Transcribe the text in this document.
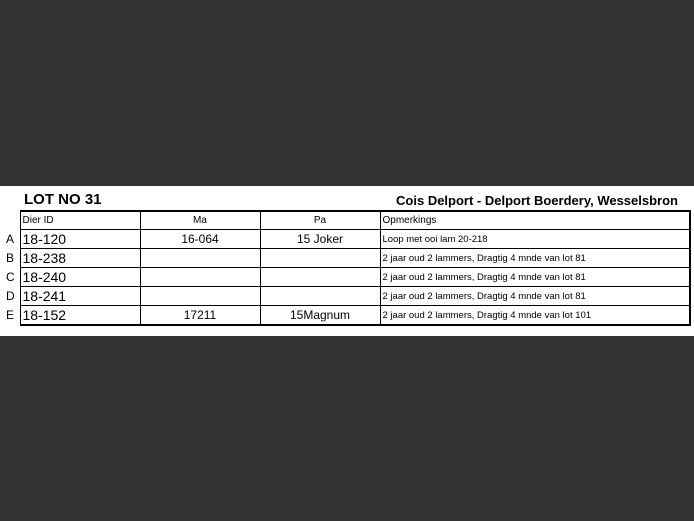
LOT NO 31	Cois Delport - Delport Boerdery, Wesselsbron
	Dier ID	Ma	Pa	Opmerkings
A	18-120	16-064	15 Joker	Loop met ooi lam 20-218
B	18-238			2 jaar oud 2 lammers, Dragtig 4 mnde van lot 81
C	18-240			2 jaar oud 2 lammers, Dragtig 4 mnde van lot 81
D	18-241			2 jaar oud 2 lammers, Dragtig 4 mnde van lot 81
E	18-152	17211	15Magnum	2 jaar oud 2 lammers, Dragtig 4 mnde van lot 101
